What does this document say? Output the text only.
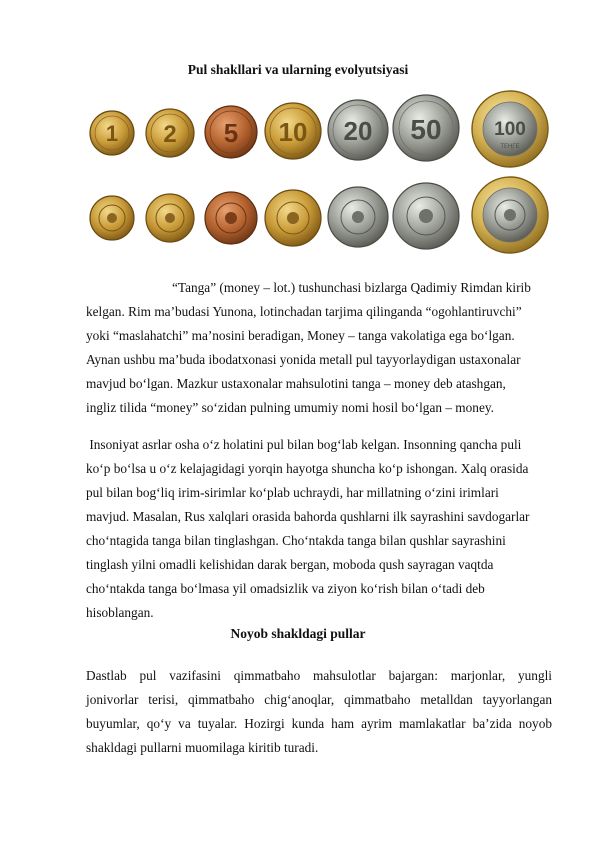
Pul shakllari va ularning evolyutsiyasi
1 2 5 10 20 50	100
ТЕҢГЕ
“Tanga” (money – lot.) tushunchasi bizlarga Qadimiy Rimdan kirib
kelgan. Rim ma’budasi Yunona, lotinchadan tarjima qilinganda “ogohlantiruvchi”
yoki “maslahatchi” ma’nosini beradigan, Money – tanga vakolatiga ega bo‘lgan.
Aynan ushbu ma’buda ibodatxonasi yonida metall pul tayyorlaydigan ustaxonalar
mavjud bo‘lgan. Mazkur ustaxonalar mahsulotini tanga – money deb atashgan,
ingliz tilida “money” so‘zidan pulning umumiy nomi hosil bo‘lgan – money.
Insoniyat asrlar osha o‘z holatini pul bilan bog‘lab kelgan. Insonning qancha puli
ko‘p bo‘lsa u o‘z kelajagidagi yorqin hayotga shuncha ko‘p ishongan. Xalq orasida
pul bilan bog‘liq irim-sirimlar ko‘plab uchraydi, har millatning o‘zini irimlari
mavjud. Masalan, Rus xalqlari orasida bahorda qushlarni ilk sayrashini savdogarlar
cho‘ntagida tanga bilan tinglashgan. Cho‘ntakda tanga bilan qushlar sayrashini
tinglash yilni omadli kelishidan darak bergan, moboda qush sayragan vaqtda
cho‘ntakda tanga bo‘lmasa yil omadsizlik va ziyon ko‘rish bilan o‘tadi deb
hisoblangan.
Noyob shakldagi pullar
Dastlab pul vazifasini qimmatbaho mahsulotlar bajargan: marjonlar, yungli
jonivorlar terisi, qimmatbaho chig‘anoqlar, qimmatbaho metalldan tayyorlangan
buyumlar, qo‘y va tuyalar. Hozirgi kunda ham ayrim mamlakatlar ba’zida noyob
shakldagi pullarni muomilaga kiritib turadi.
